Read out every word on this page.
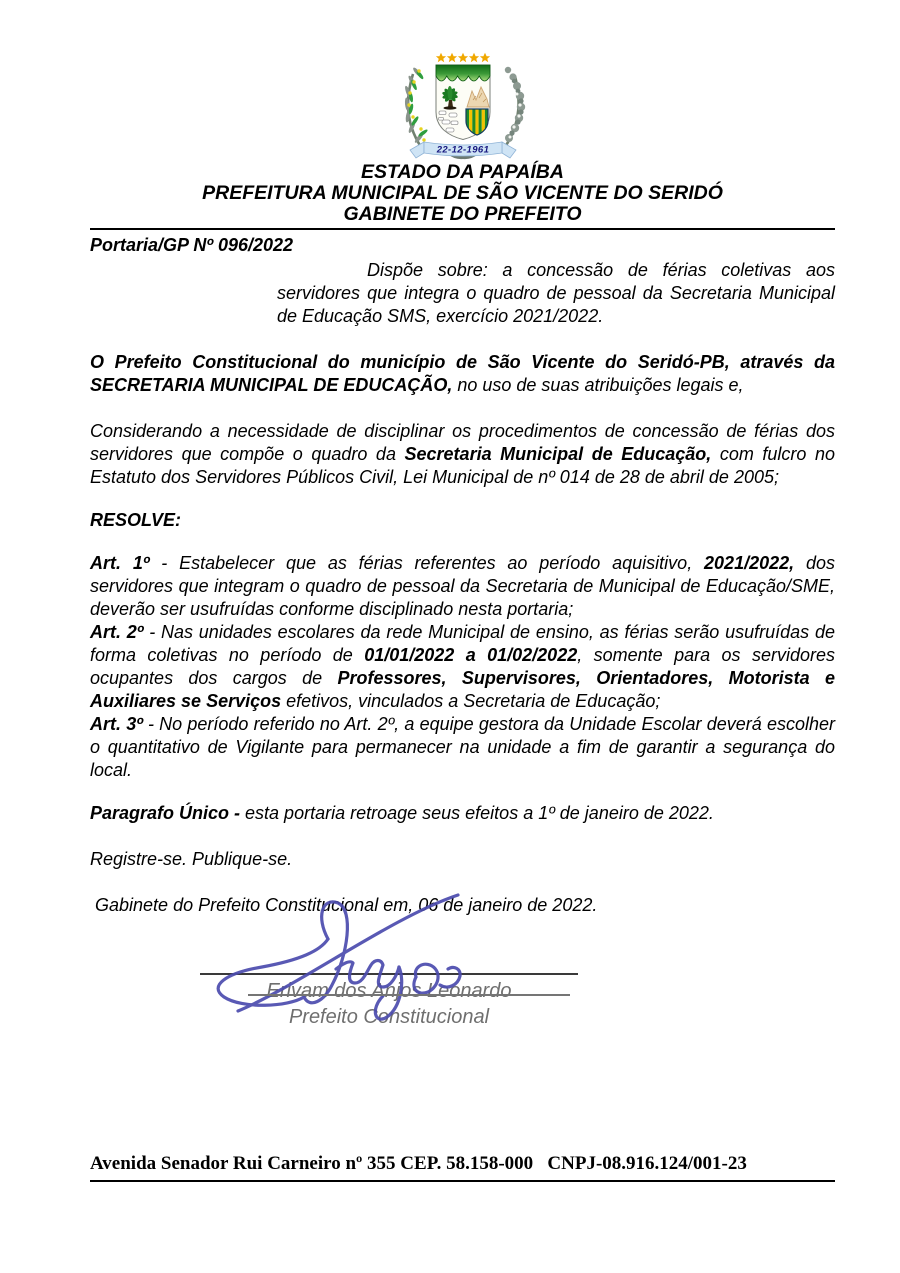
22-12-1961
ESTADO DA PAPAÍBA
PREFEITURA MUNICIPAL DE SÃO VICENTE DO SERIDÓ
GABINETE DO PREFEITO
Portaria/GP Nº 096/2022
Dispõe sobre: a concessão de férias coletivas aos servidores que integra o quadro de pessoal da Secretaria Municipal de Educação SMS, exercício 2021/2022.

O Prefeito Constitucional do município de São Vicente do Seridó-PB, através da SECRETARIA MUNICIPAL DE EDUCAÇÃO, no uso de suas atribuições legais e,

Considerando a necessidade de disciplinar os procedimentos de concessão de férias dos servidores que compõe o quadro da Secretaria Municipal de Educação, com fulcro no Estatuto dos Servidores Públicos Civil, Lei Municipal de nº 014 de 28 de abril de 2005;

RESOLVE:

Art. 1º - Estabelecer que as férias referentes ao período aquisitivo, 2021/2022, dos servidores que integram o quadro de pessoal da Secretaria de Municipal de Educação/SME, deverão ser usufruídas conforme disciplinado nesta portaria;

Art. 2º - Nas unidades escolares da rede Municipal de ensino, as férias serão usufruídas de forma coletivas no período de 01/01/2022 a 01/02/2022, somente para os servidores ocupantes dos cargos de Professores, Supervisores, Orientadores, Motorista e Auxiliares se Serviços efetivos, vinculados a Secretaria de Educação;

Art. 3º - No período referido no Art. 2º, a equipe gestora da Unidade Escolar deverá escolher o quantitativo de Vigilante para permanecer na unidade a fim de garantir a segurança do local.

Paragrafo Único - esta portaria retroage seus efeitos a 1º de janeiro de 2022.

Registre-se. Publique-se.

Gabinete do Prefeito Constitucional em, 06 de janeiro de 2022.

Erivam dos Anjos Leonardo
Prefeito Constitucional
Avenida Senador Rui Carneiro nº 355 CEP. 58.158-000   CNPJ-08.916.124/001-23
